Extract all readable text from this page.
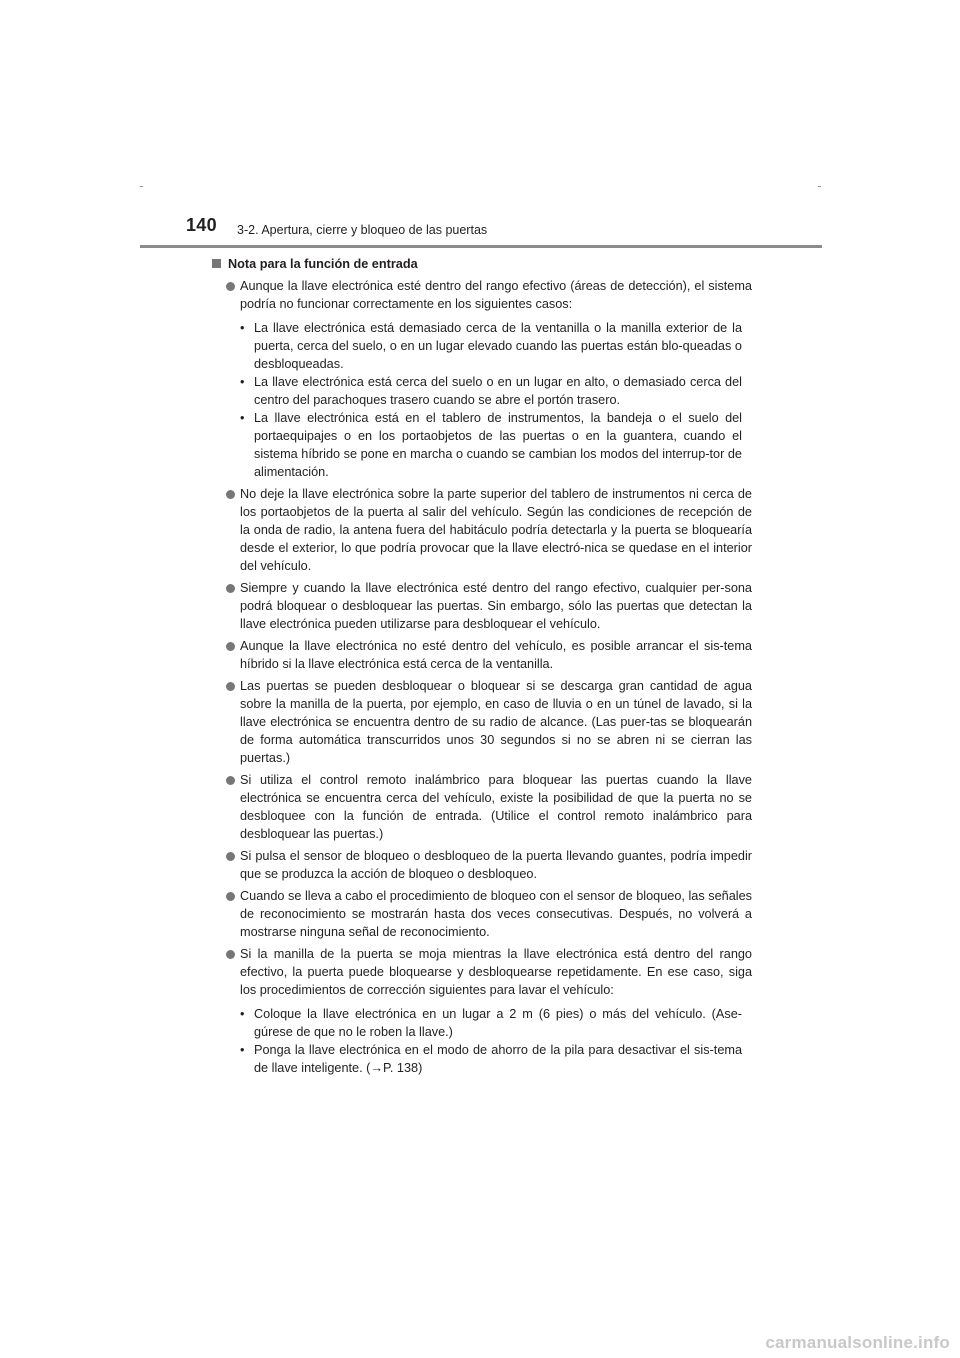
140 3-2. Apertura, cierre y bloqueo de las puertas
Nota para la función de entrada
Aunque la llave electrónica esté dentro del rango efectivo (áreas de detección), el sistema podría no funcionar correctamente en los siguientes casos:
• La llave electrónica está demasiado cerca de la ventanilla o la manilla exterior de la puerta, cerca del suelo, o en un lugar elevado cuando las puertas están blo-queadas o desbloqueadas.
• La llave electrónica está cerca del suelo o en un lugar en alto, o demasiado cerca del centro del parachoques trasero cuando se abre el portón trasero.
• La llave electrónica está en el tablero de instrumentos, la bandeja o el suelo del portaequipajes o en los portaobjetos de las puertas o en la guantera, cuando el sistema híbrido se pone en marcha o cuando se cambian los modos del interrup-tor de alimentación.
No deje la llave electrónica sobre la parte superior del tablero de instrumentos ni cerca de los portaobjetos de la puerta al salir del vehículo. Según las condiciones de recepción de la onda de radio, la antena fuera del habitáculo podría detectarla y la puerta se bloquearía desde el exterior, lo que podría provocar que la llave electró-nica se quedase en el interior del vehículo.
Siempre y cuando la llave electrónica esté dentro del rango efectivo, cualquier per-sona podrá bloquear o desbloquear las puertas. Sin embargo, sólo las puertas que detectan la llave electrónica pueden utilizarse para desbloquear el vehículo.
Aunque la llave electrónica no esté dentro del vehículo, es posible arrancar el sis-tema híbrido si la llave electrónica está cerca de la ventanilla.
Las puertas se pueden desbloquear o bloquear si se descarga gran cantidad de agua sobre la manilla de la puerta, por ejemplo, en caso de lluvia o en un túnel de lavado, si la llave electrónica se encuentra dentro de su radio de alcance. (Las puer-tas se bloquearán de forma automática transcurridos unos 30 segundos si no se abren ni se cierran las puertas.)
Si utiliza el control remoto inalámbrico para bloquear las puertas cuando la llave electrónica se encuentra cerca del vehículo, existe la posibilidad de que la puerta no se desbloquee con la función de entrada. (Utilice el control remoto inalámbrico para desbloquear las puertas.)
Si pulsa el sensor de bloqueo o desbloqueo de la puerta llevando guantes, podría impedir que se produzca la acción de bloqueo o desbloqueo.
Cuando se lleva a cabo el procedimiento de bloqueo con el sensor de bloqueo, las señales de reconocimiento se mostrarán hasta dos veces consecutivas. Después, no volverá a mostrarse ninguna señal de reconocimiento.
Si la manilla de la puerta se moja mientras la llave electrónica está dentro del rango efectivo, la puerta puede bloquearse y desbloquearse repetidamente. En ese caso, siga los procedimientos de corrección siguientes para lavar el vehículo:
• Coloque la llave electrónica en un lugar a 2 m (6 pies) o más del vehículo. (Ase-gúrese de que no le roben la llave.)
• Ponga la llave electrónica en el modo de ahorro de la pila para desactivar el sis-tema de llave inteligente. (→P. 138)
carmanualsonline.info
